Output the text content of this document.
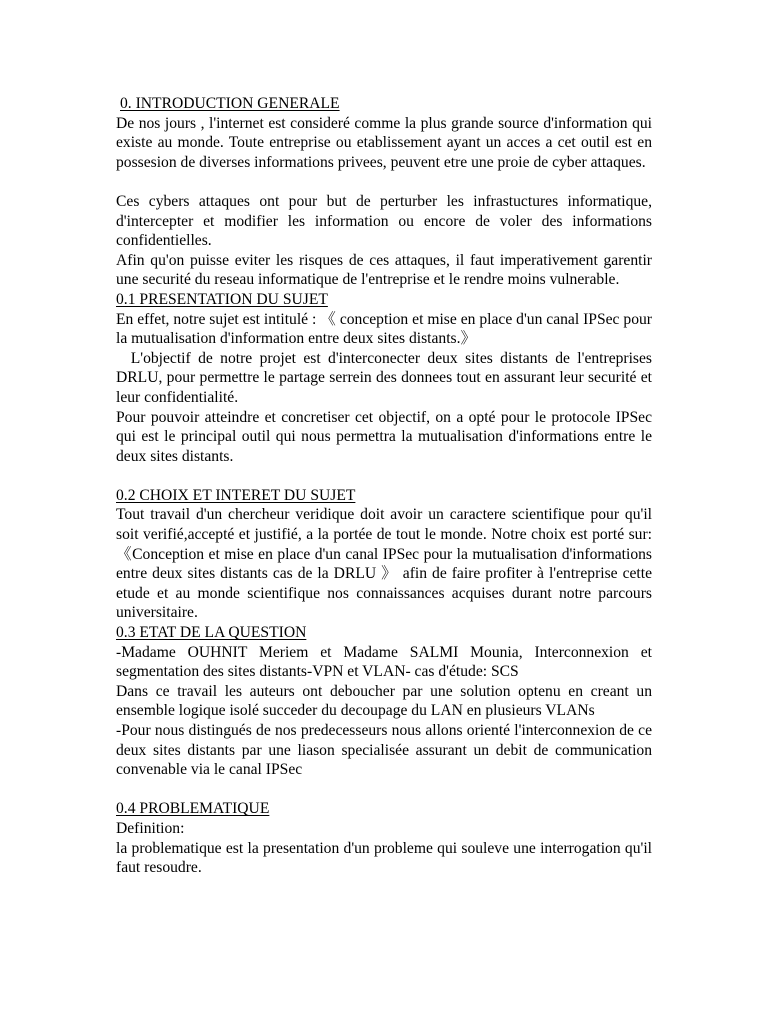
0. INTRODUCTION GENERALE

De nos jours , l'internet est consideré comme la plus grande source d'information qui existe au monde. Toute entreprise ou etablissement ayant un acces a cet outil est en possesion de diverses informations privees, peuvent etre une proie de cyber attaques.

Ces cybers attaques ont pour but de perturber les infrastuctures informatique, d'intercepter et modifier les information ou encore de voler des informations confidentielles.

Afin qu'on puisse eviter les risques de ces attaques, il faut imperativement garentir une securité du reseau informatique de l'entreprise et le rendre moins vulnerable.

0.1 PRESENTATION DU SUJET

En effet, notre sujet est intitulé : 《 conception et mise en place d'un canal IPSec pour la mutualisation d'information entre deux sites distants.》

L'objectif de notre projet est d'interconecter deux sites distants de l'entreprises DRLU, pour permettre le partage serrein des donnees tout en assurant leur securité et leur confidentialité.

Pour pouvoir atteindre et concretiser cet objectif, on a opté pour le protocole IPSec qui est le principal outil qui nous permettra la mutualisation d'informations entre le deux sites distants.

0.2 CHOIX ET INTERET DU SUJET

Tout travail d'un chercheur veridique doit avoir un caractere scientifique pour qu'il soit verifié,accepté et justifié, a la portée de tout le monde. Notre choix est porté sur: 《Conception et mise en place d'un canal IPSec pour la mutualisation d'informations entre deux sites distants cas de la DRLU 》 afin de faire profiter à l'entreprise cette etude et au monde scientifique nos connaissances acquises durant notre parcours universitaire.

0.3 ETAT DE LA QUESTION

-Madame OUHNIT Meriem et Madame SALMI Mounia, Interconnexion et segmentation des sites distants-VPN et VLAN- cas d'étude: SCS

Dans ce travail les auteurs ont deboucher par une solution optenu en creant un ensemble logique isolé succeder du decoupage du LAN en plusieurs VLANs

-Pour nous distingués de nos predecesseurs nous allons orienté l'interconnexion de ce deux sites distants par une liason specialisée assurant un debit de communication convenable via le canal IPSec

0.4 PROBLEMATIQUE

Definition:

la problematique est la presentation d'un probleme qui souleve une interrogation qu'il faut resoudre.
